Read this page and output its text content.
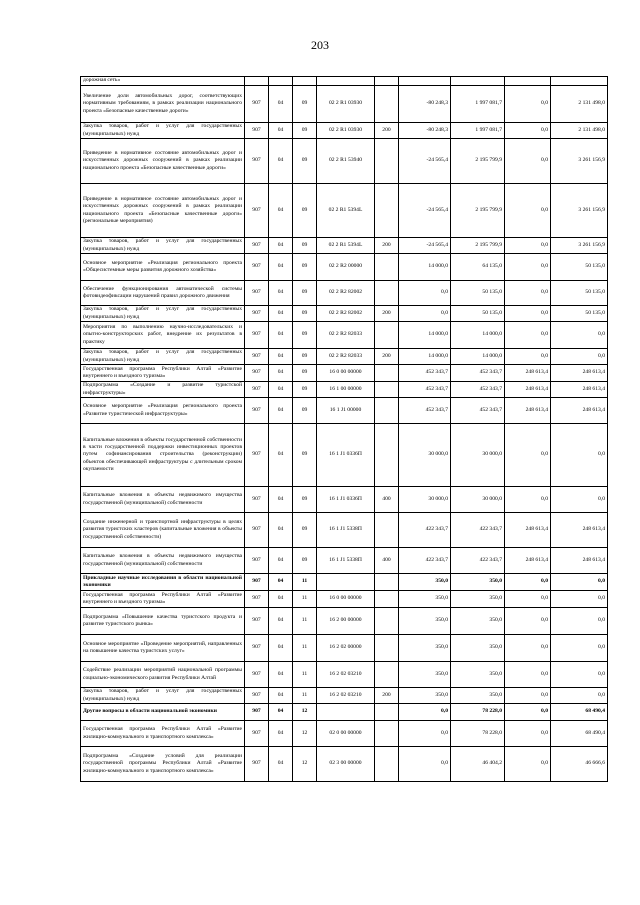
203
дорожная сеть»									
Увеличение доли автомобильных дорог, соответствующих нормативным требованиям, в рамках реализации национального проекта «Безопасные качественные дороги»	907	04	09	02 2 R1 03930		-80 248,3	1 997 081,7	0,0	2 131 498,0
Закупка товаров, работ и услуг для государственных (муниципальных) нужд	907	04	09	02 2 R1 03930	200	-80 248,3	1 997 081,7	0,0	2 131 498,0
Приведение в нормативное состояние автомобильных дорог и искусственных дорожных сооружений в рамках реализации национального проекта «Безопасные качественные дороги»	907	04	09	02 2 R1 53940		-24 565,4	2 195 799,9	0,0	3 261 156,9
Приведение в нормативное состояние автомобильных дорог и искусственных дорожных сооружений в рамках реализации национального проекта «Безопасные качественные дороги» (региональные мероприятия)	907	04	09	02 2 R1 5394L		-24 565,4	2 195 799,9	0,0	3 261 156,9
Закупка товаров, работ и услуг для государственных (муниципальных) нужд	907	04	09	02 2 R1 5394L	200	-24 565,4	2 195 799,9	0,0	3 261 156,9
Основное мероприятие «Реализация регионального проекта «Общесистемные меры развития дорожного хозяйства»	907	04	09	02 2 R2 00000		14 000,0	64 135,0	0,0	50 135,0
Обеспечение функционирования автоматической системы фотовидеофиксации нарушений правил дорожного движения	907	04	09	02 2 R2 82002		0,0	50 135,0	0,0	50 135,0
Закупка товаров, работ и услуг для государственных (муниципальных) нужд	907	04	09	02 2 R2 82002	200	0,0	50 135,0	0,0	50 135,0
Мероприятия по выполнению научно-исследовательских и опытно-конструкторских работ, внедрение их результатов в практику	907	04	09	02 2 R2 82033		14 000,0	14 000,0	0,0	0,0
Закупка товаров, работ и услуг для государственных (муниципальных) нужд	907	04	09	02 2 R2 82033	200	14 000,0	14 000,0	0,0	0,0
Государственная программа Республики Алтай «Развитие внутреннего и въездного туризма»	907	04	09	16 0 00 00000		452 343,7	452 343,7	248 613,4	248 613,4
Подпрограмма «Создание и развитие туристской инфраструктуры»	907	04	09	16 1 00 00000		452 343,7	452 343,7	248 613,4	248 613,4
Основное мероприятие «Реализация регионального проекта «Развитие туристической инфраструктуры»	907	04	09	16 1 J1 00000		452 343,7	452 343,7	248 613,4	248 613,4
Капитальные вложения в объекты государственной собственности в части государственной поддержки инвестиционных проектов путем софинансирования строительства (реконструкции) объектов обеспечивающей инфраструктуры с длительным сроком окупаемости	907	04	09	16 1 J1 0336П		30 000,0	30 000,0	0,0	0,0
Капитальные вложения в объекты недвижимого имущества государственной (муниципальной) собственности	907	04	09	16 1 J1 0336П	400	30 000,0	30 000,0	0,0	0,0
Создание инженерной и транспортной инфраструктуры в целях развития туристских кластеров (капитальные вложения в объекты государственной собственности)	907	04	09	16 1 J1 5338П		422 343,7	422 343,7	248 613,4	248 613,4
Капитальные вложения в объекты недвижимого имущества государственной (муниципальной) собственности	907	04	09	16 1 J1 5338П	400	422 343,7	422 343,7	248 613,4	248 613,4
Прикладные научные исследования в области национальной экономики	907	04	11			350,0	350,0	0,0	0,0
Государственная программа Республики Алтай «Развитие внутреннего и въездного туризма»	907	04	11	16 0 00 00000		350,0	350,0	0,0	0,0
Подпрограмма «Повышение качества туристского продукта и развитие туристского рынка»	907	04	11	16 2 00 00000		350,0	350,0	0,0	0,0
Основное мероприятие «Проведение мероприятий, направленных на повышение качества туристских услуг»	907	04	11	16 2 02 00000		350,0	350,0	0,0	0,0
Содействие реализации мероприятий национальной программы социально-экономического развития Республики Алтай	907	04	11	16 2 02 03210		350,0	350,0	0,0	0,0
Закупка товаров, работ и услуг для государственных (муниципальных) нужд	907	04	11	16 2 02 03210	200	350,0	350,0	0,0	0,0
Другие вопросы в области национальной экономики	907	04	12			0,0	78 228,0	0,0	68 490,4
Государственная программа Республики Алтай «Развитие жилищно-коммунального и транспортного комплекса»	907	04	12	02 0 00 00000		0,0	78 228,0	0,0	68 490,4
Подпрограмма «Создание условий для реализации государственной программы Республики Алтай «Развитие жилищно-коммунального и транспортного комплекса»	907	04	12	02 3 00 00000		0,0	46 404,2	0,0	46 666,6
